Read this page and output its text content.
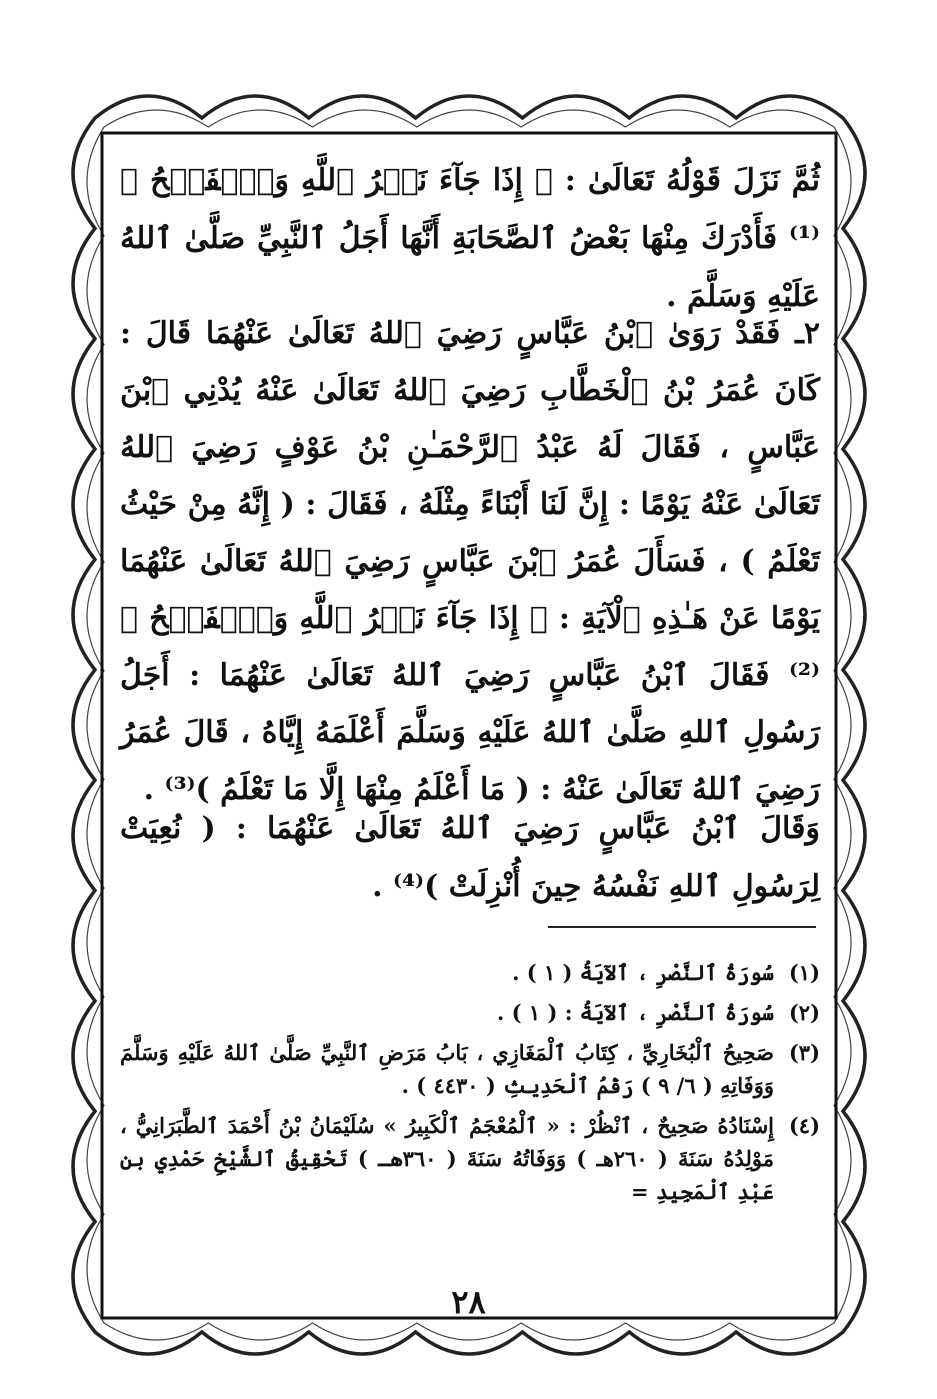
ثُمَّ نَزَلَ قَوْلُهُ تَعَالَىٰ : ﴿ إِذَا جَآءَ نَصۡرُ ٱللَّهِ وَٱلۡفَتۡحُ ﴾⁽¹⁾ فَأَدْرَكَ مِنْهَا بَعْضُ ٱلصَّحَابَةِ أَنَّهَا أَجَلُ ٱلنَّبِيِّ صَلَّىٰ ٱللهُ عَلَيْهِ وَسَلَّمَ .

٢ـ فَقَدْ رَوَىٰ ٱبْنُ عَبَّاسٍ رَضِيَ ٱللهُ تَعَالَىٰ عَنْهُمَا قَالَ : كَانَ عُمَرُ بْنُ ٱلْخَطَّابِ رَضِيَ ٱللهُ تَعَالَىٰ عَنْهُ يُدْنِي ٱبْنَ عَبَّاسٍ ، فَقَالَ لَهُ عَبْدُ ٱلرَّحْمَـٰنِ بْنُ عَوْفٍ رَضِيَ ٱللهُ تَعَالَىٰ عَنْهُ يَوْمًا : إِنَّ لَنَا أَبْنَاءً مِثْلَهُ ، فَقَالَ : ( إِنَّهُ مِنْ حَيْثُ تَعْلَمُ ) ، فَسَأَلَ عُمَرُ ٱبْنَ عَبَّاسٍ رَضِيَ ٱللهُ تَعَالَىٰ عَنْهُمَا يَوْمًا عَنْ هَـٰذِهِ ٱلْآيَةِ : ﴿ إِذَا جَآءَ نَصۡرُ ٱللَّهِ وَٱلۡفَتۡحُ ﴾⁽²⁾ فَقَالَ ٱبْنُ عَبَّاسٍ رَضِيَ ٱللهُ تَعَالَىٰ عَنْهُمَا : أَجَلُ رَسُولِ ٱللهِ صَلَّىٰ ٱللهُ عَلَيْهِ وَسَلَّمَ أَعْلَمَهُ إِيَّاهُ ، قَالَ عُمَرُ رَضِيَ ٱللهُ تَعَالَىٰ عَنْهُ : ( مَا أَعْلَمُ مِنْهَا إِلَّا مَا تَعْلَمُ )⁽³⁾ .

وَقَالَ ٱبْنُ عَبَّاسٍ رَضِيَ ٱللهُ تَعَالَىٰ عَنْهُمَا : ( نُعِيَتْ لِرَسُولِ ٱللهِ نَفْسُهُ حِينَ أُنْزِلَتْ )⁽⁴⁾ .

(١)
سُورَةُ ٱلنَّصْرِ ، ٱلآيَةُ ( ١ ) .
(٢)
سُورَةُ ٱلنَّصْرِ ، ٱلآيَةُ : ( ١ ) .
(٣)
صَحِيحُ ٱلْبُخَارِيِّ ، كِتَابُ ٱلْمَغَازِي ، بَابُ مَرَضِ ٱلنَّبِيِّ صَلَّىٰ ٱللهُ عَلَيْهِ وَسَلَّمَ وَوَفَاتِهِ ( ٦/ ٩ ) رَقْمُ ٱلْحَدِيثِ ( ٤٤٣٠ ) .
(٤)
إِسْنَادُهُ صَحِيحٌ ، ٱنْظُرْ : « ٱلْمُعْجَمُ ٱلْكَبِيرُ » سُلَيْمَانُ بْنُ أَحْمَدَ ٱلطَّبَرَانِيُّ ، مَوْلِدُهُ سَنَةَ ( ٢٦٠هـ ) وَوَفَاتُهُ سَنَةَ ( ٣٦٠هـ ) تَحْقِيقُ ٱلشَّيْخِ حَمْدِي بن عَبْدِ ٱلْمَجِيدِ =
٢٨
